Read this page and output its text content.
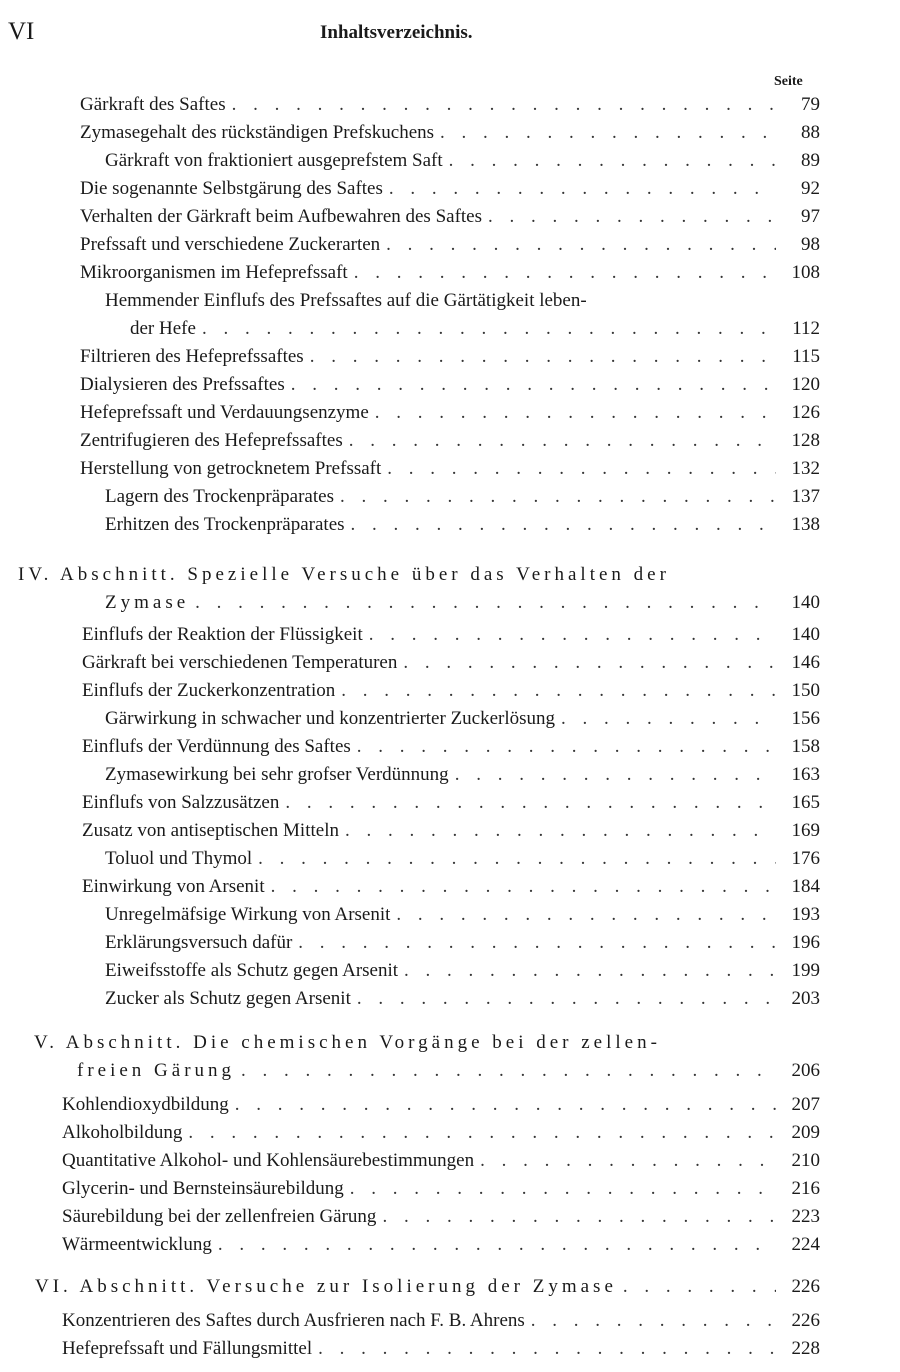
VI	Inhaltsverzeichnis.
Seite
Gärkraft des Saftes . . .	79
Zymasegehalt des rückständigen Prefskuchens . . .	88
Gärkraft von fraktioniert ausgeprefstem Saft . . .	89
Die sogenannte Selbstgärung des Saftes . . .	92
Verhalten der Gärkraft beim Aufbewahren des Saftes . . .	97
Prefssaft und verschiedene Zuckerarten . . .	98
Mikroorganismen im Hefeprefssaft . . .	108
Hemmender Einflufs des Prefssaftes auf die Gärtätigkeit leben-
der Hefe . . .	112
Filtrieren des Hefeprefssaftes . . .	115
Dialysieren des Prefssaftes . . .	120
Hefeprefssaft und Verdauungsenzyme . . .	126
Zentrifugieren des Hefeprefssaftes . . .	128
Herstellung von getrocknetem Prefssaft . . .	132
Lagern des Trockenpräparates . . .	137
Erhitzen des Trockenpräparates . . .	138
IV. Abschnitt. Spezielle Versuche über das Verhalten der
Zymase . . .	140
Einflufs der Reaktion der Flüssigkeit . . .	140
Gärkraft bei verschiedenen Temperaturen . . .	146
Einflufs der Zuckerkonzentration . . .	150
Gärwirkung in schwacher und konzentrierter Zuckerlösung . . .	156
Einflufs der Verdünnung des Saftes . . .	158
Zymasewirkung bei sehr grofser Verdünnung . . .	163
Einflufs von Salzzusätzen . . .	165
Zusatz von antiseptischen Mitteln . . .	169
Toluol und Thymol . . .	176
Einwirkung von Arsenit . . .	184
Unregelmäfsige Wirkung von Arsenit . . .	193
Erklärungsversuch dafür . . .	196
Eiweifsstoffe als Schutz gegen Arsenit . . .	199
Zucker als Schutz gegen Arsenit . . .	203
V. Abschnitt. Die chemischen Vorgänge bei der zellen-
freien Gärung . . .	206
Kohlendioxydbildung . . .	207
Alkoholbildung . . .	209
Quantitative Alkohol- und Kohlensäurebestimmungen . . .	210
Glycerin- und Bernsteinsäurebildung . . .	216
Säurebildung bei der zellenfreien Gärung . . .	223
Wärmeentwicklung . . .	224
VI. Abschnitt. Versuche zur Isolierung der Zymase . . .	226
Konzentrieren des Saftes durch Ausfrieren nach F. B. Ahrens . . .	226
Hefeprefssaft und Fällungsmittel . . .	228
